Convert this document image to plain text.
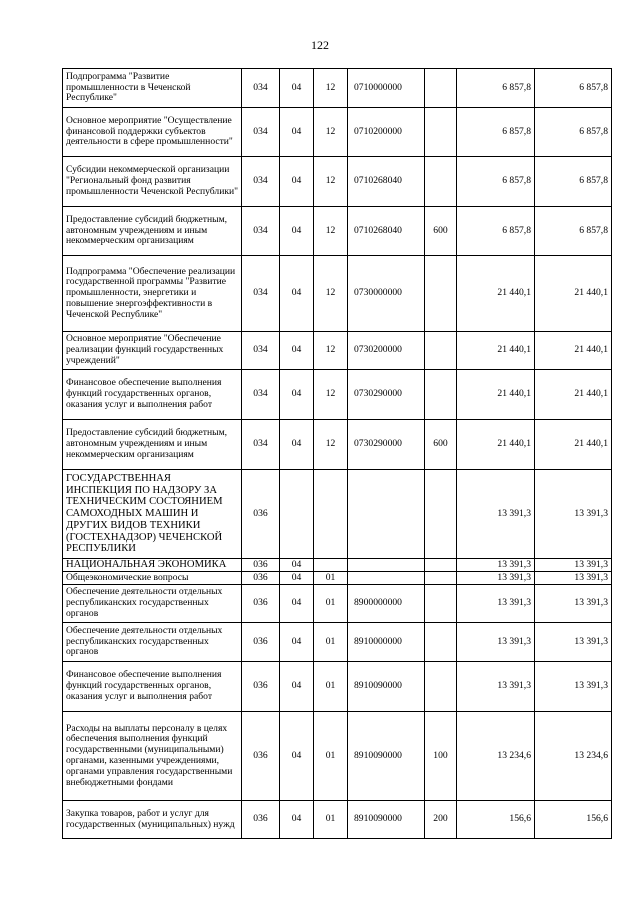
122
Подпрограмма "Развитие промышленности в Чеченской Республике"	034	04	12	0710000000		6 857,8	6 857,8
Основное мероприятие "Осуществление финансовой поддержки субъектов деятельности в сфере промышленности"	034	04	12	0710200000		6 857,8	6 857,8
Субсидии некоммерческой организации "Региональный фонд развития промышленности Чеченской Республики"	034	04	12	0710268040		6 857,8	6 857,8
Предоставление субсидий бюджетным, автономным учреждениям и иным некоммерческим организациям	034	04	12	0710268040	600	6 857,8	6 857,8
Подпрограмма "Обеспечение реализации государственной программы "Развитие промышленности, энергетики и повышение энергоэффективности в Чеченской Республике"	034	04	12	0730000000		21 440,1	21 440,1
Основное мероприятие "Обеспечение реализации функций государственных учреждений"	034	04	12	0730200000		21 440,1	21 440,1
Финансовое обеспечение выполнения функций государственных органов, оказания услуг и выполнения работ	034	04	12	0730290000		21 440,1	21 440,1
Предоставление субсидий бюджетным, автономным учреждениям и иным некоммерческим организациям	034	04	12	0730290000	600	21 440,1	21 440,1
ГОСУДАРСТВЕННАЯ ИНСПЕКЦИЯ ПО НАДЗОРУ ЗА ТЕХНИЧЕСКИМ СОСТОЯНИЕМ САМОХОДНЫХ МАШИН И ДРУГИХ ВИДОВ ТЕХНИКИ (ГОСТЕХНАДЗОР) ЧЕЧЕНСКОЙ РЕСПУБЛИКИ	036					13 391,3	13 391,3
НАЦИОНАЛЬНАЯ ЭКОНОМИКА	036	04				13 391,3	13 391,3
Общеэкономические вопросы	036	04	01			13 391,3	13 391,3
Обеспечение деятельности отдельных республиканских государственных органов	036	04	01	8900000000		13 391,3	13 391,3
Обеспечение деятельности отдельных республиканских государственных органов	036	04	01	8910000000		13 391,3	13 391,3
Финансовое обеспечение выполнения функций государственных органов, оказания услуг и выполнения работ	036	04	01	8910090000		13 391,3	13 391,3
Расходы на выплаты персоналу в целях обеспечения выполнения функций государственными (муниципальными) органами, казенными учреждениями, органами управления государственными внебюджетными фондами	036	04	01	8910090000	100	13 234,6	13 234,6
Закупка товаров, работ и услуг для государственных (муниципальных) нужд	036	04	01	8910090000	200	156,6	156,6
